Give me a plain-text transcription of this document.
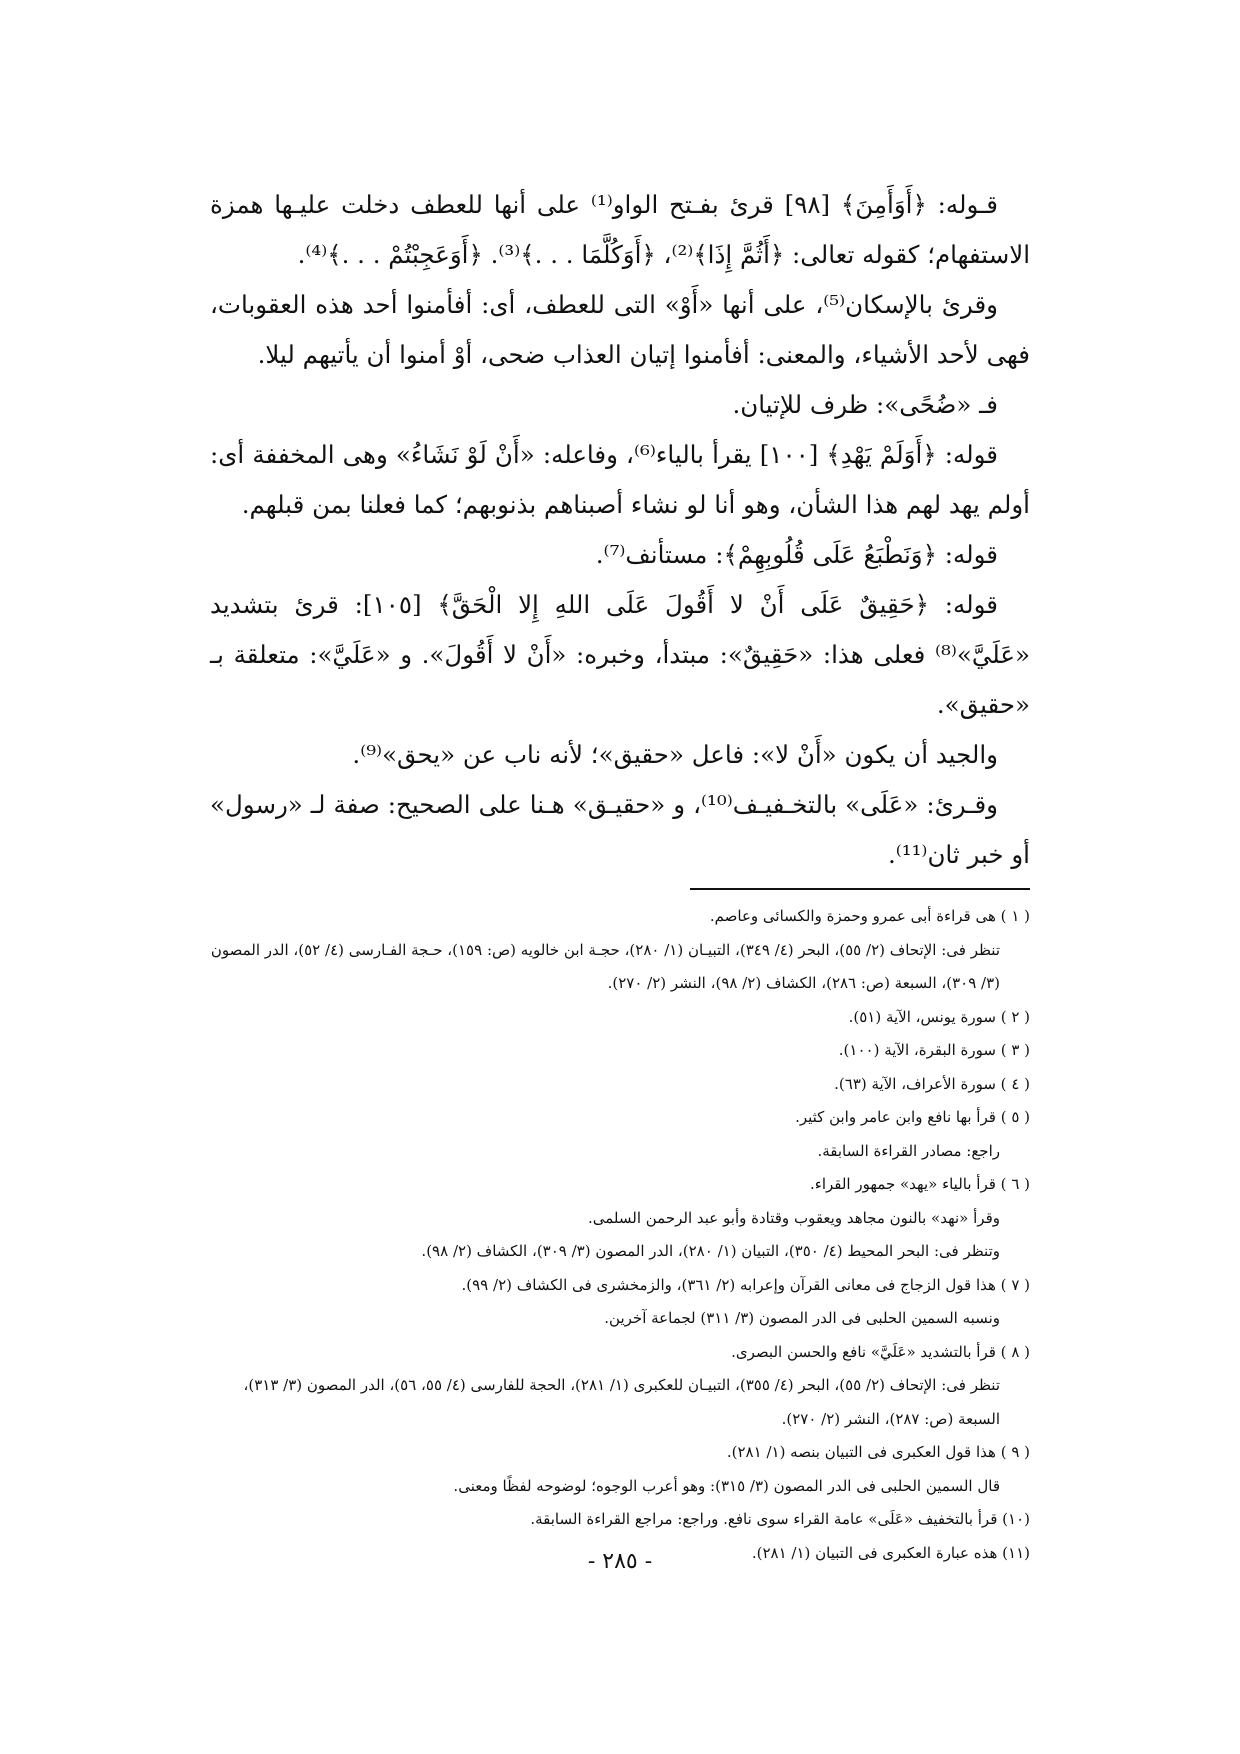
قـوله: ﴿أَوَأَمِنَ﴾ [٩٨] قرئ بفـتح الواو⁽¹⁾ على أنها للعطف دخلت عليـها همزة الاستفهام؛ كقوله تعالى: ﴿أَثُمَّ إِذَا﴾⁽²⁾، ﴿أَوَكُلَّمَا . . .﴾⁽³⁾. ﴿أَوَعَجِبْتُمْ . . .﴾⁽⁴⁾.

وقرئ بالإسكان⁽⁵⁾، على أنها «أَوْ» التى للعطف، أى: أفأمنوا أحد هذه العقوبات، فهى لأحد الأشياء، والمعنى: أفأمنوا إتيان العذاب ضحى، أوْ أمنوا أن يأتيهم ليلا.

فـ «ضُحًى»: ظرف للإتيان.

قوله: ﴿أَوَلَمْ يَهْدِ﴾ [١٠٠] يقرأ بالياء⁽⁶⁾، وفاعله: «أَنْ لَوْ نَشَاءُ» وهى المخففة أى: أولم يهد لهم هذا الشأن، وهو أنا لو نشاء أصبناهم بذنوبهم؛ كما فعلنا بمن قبلهم.

قوله: ﴿وَنَطْبَعُ عَلَى قُلُوبِهِمْ﴾: مستأنف⁽⁷⁾.

قوله: ﴿حَقِيقٌ عَلَى أَنْ لا أَقُولَ عَلَى اللهِ إِلا الْحَقَّ﴾ [١٠٥]: قرئ بتشديد «عَلَيَّ»⁽⁸⁾ فعلى هذا: «حَقِيقٌ»: مبتدأ، وخبره: «أَنْ لا أَقُولَ». و «عَلَيَّ»: متعلقة بـ «حقيق».

والجيد أن يكون «أَنْ لا»: فاعل «حقيق»؛ لأنه ناب عن «يحق»⁽⁹⁾.

وقـرئ: «عَلَى» بالتخـفيـف⁽¹⁰⁾، و «حقيـق» هـنا على الصحيح: صفة لـ «رسول» أو خبر ثان⁽¹¹⁾.

( ١ ) هى قراءة أبى عمرو وحمزة والكسائى وعاصم.

تنظر فى: الإتحاف (٢/ ٥٥)، البحر (٤/ ٣٤٩)، التبيـان (١/ ٢٨٠)، حجـة ابن خالويه (ص: ١٥٩)، حـجة الفـارسى (٤/ ٥٢)، الدر المصون (٣/ ٣٠٩)، السبعة (ص: ٢٨٦)، الكشاف (٢/ ٩٨)، النشر (٢/ ٢٧٠).

( ٢ ) سورة يونس، الآية (٥١).

( ٣ ) سورة البقرة، الآية (١٠٠).

( ٤ ) سورة الأعراف، الآية (٦٣).

( ٥ ) قرأ بها نافع وابن عامر وابن كثير.

راجع: مصادر القراءة السابقة.

( ٦ ) قرأ بالياء «يهد» جمهور القراء.

وقرأ «نهد» بالنون مجاهد ويعقوب وقتادة وأبو عبد الرحمن السلمى.

وتنظر فى: البحر المحيط (٤/ ٣٥٠)، التبيان (١/ ٢٨٠)، الدر المصون (٣/ ٣٠٩)، الكشاف (٢/ ٩٨).

( ٧ ) هذا قول الزجاج فى معانى القرآن وإعرابه (٢/ ٣٦١)، والزمخشرى فى الكشاف (٢/ ٩٩).

ونسبه السمين الحلبى فى الدر المصون (٣/ ٣١١) لجماعة آخرين.

( ٨ ) قرأ بالتشديد «عَلَيَّ» نافع والحسن البصرى.

تنظر فى: الإتحاف (٢/ ٥٥)، البحر (٤/ ٣٥٥)، التبيـان للعكبرى (١/ ٢٨١)، الحجة للفارسى (٤/ ٥٥، ٥٦)، الدر المصون (٣/ ٣١٣)، السبعة (ص: ٢٨٧)، النشر (٢/ ٢٧٠).

( ٩ ) هذا قول العكبرى فى التبيان بنصه (١/ ٢٨١).

قال السمين الحلبى فى الدر المصون (٣/ ٣١٥): وهو أعرب الوجوه؛ لوضوحه لفظًا ومعنى.

(١٠) قرأ بالتخفيف «عَلَى» عامة القراء سوى نافع. وراجع: مراجع القراءة السابقة.

(١١) هذه عبارة العكبرى فى التبيان (١/ ٢٨١).

- ٢٨٥ -
